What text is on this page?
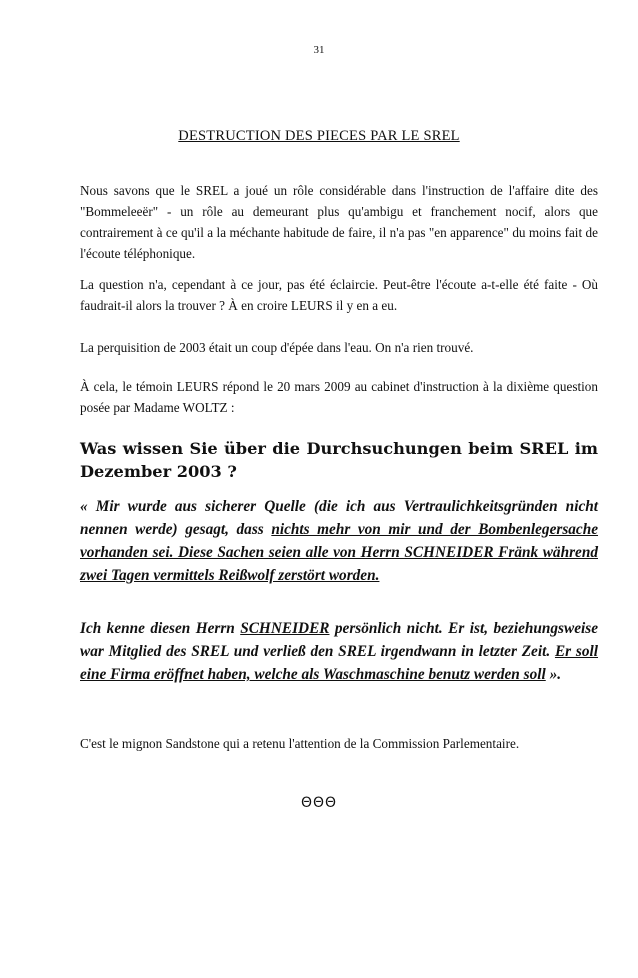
31
DESTRUCTION DES PIECES PAR LE SREL
Nous savons que le SREL a joué un rôle considérable dans l'instruction de l'affaire dite des "Bommeleeër" - un rôle au demeurant plus qu'ambigu et franchement nocif, alors que contrairement à ce qu'il a la méchante habitude de faire, il n'a pas "en apparence" du moins fait de l'écoute téléphonique.
La question n'a, cependant à ce jour, pas été éclaircie. Peut-être l'écoute a-t-elle été faite - Où faudrait-il alors la trouver ? À en croire LEURS il y en a eu.
La perquisition de 2003 était un coup d'épée dans l'eau. On n'a rien trouvé.
À cela, le témoin LEURS répond le 20 mars 2009 au cabinet d'instruction à la dixième question posée par Madame WOLTZ :
Was wissen Sie über die Durchsuchungen beim SREL im Dezember 2003 ?
« Mir wurde aus sicherer Quelle (die ich aus Vertraulichkeitsgründen nicht nennen werde) gesagt, dass nichts mehr von mir und der Bombenlegersache vorhanden sei. Diese Sachen seien alle von Herrn SCHNEIDER Fränk während zwei Tagen vermittels Reißwolf zerstört worden.
Ich kenne diesen Herrn SCHNEIDER persönlich nicht. Er ist, beziehungsweise war Mitglied des SREL und verließ den SREL irgendwann in letzter Zeit. Er soll eine Firma eröffnet haben, welche als Waschmaschine benutz werden soll ».
C'est le mignon Sandstone qui a retenu l'attention de la Commission Parlementaire.
ΘΘΘ
